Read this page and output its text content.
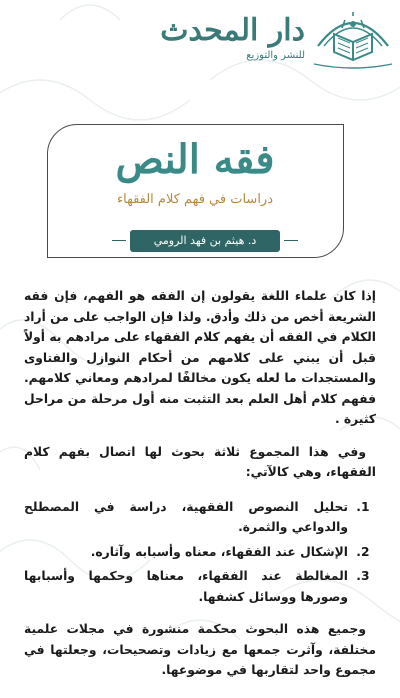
دار المحدث
للنشر والتوزيع
فقه النص
دراسات في فهم كلام الفقهاء
د. هيثم بن فهد الرومي

إذا كان علماء اللغة يقولون إن الفقه هو الفهم، فإن فقه الشريعة أخص من ذلك وأدق. ولذا فإن الواجب على من أراد الكلام في الفقه أن يفهم كلام الفقهاء على مرادهم به أولاً قبل أن يبني على كلامهم من أحكام النوازل والفتاوى والمستجدات ما لعله يكون مخالفًا لمرادهم ومعاني كلامهم. ففهم كلام أهل العلم بعد التثبت منه أول مرحلة من مراحل كثيرة .

وفي هذا المجموع ثلاثة بحوث لها اتصال بفهم كلام الفقهاء، وهي كالآتي:

1. تحليل النصوص الفقهية، دراسة في المصطلح والدواعي والثمرة.
2. الإشكال عند الفقهاء، معناه وأسبابه وآثاره.
3. المغالطة عند الفقهاء، معناها وحكمها وأسبابها وصورها ووسائل كشفها.

وجميع هذه البحوث محكمة منشورة في مجلات علمية مختلفة، وآثرت جمعها مع زيادات وتصحيحات، وجعلتها في مجموع واحد لتقاربها في موضوعها.
